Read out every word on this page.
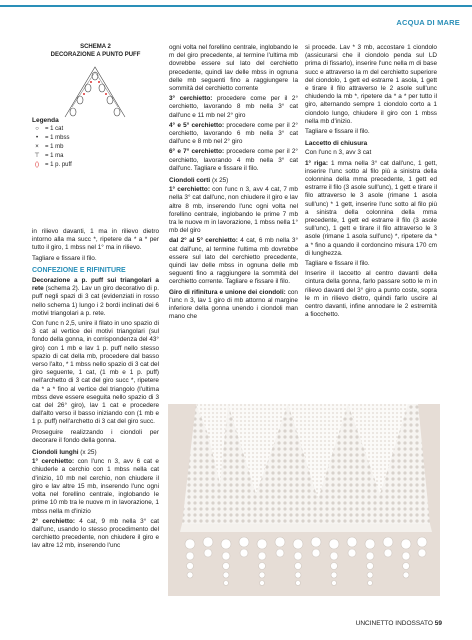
ACQUA DI MARE
SCHEMA 2
DECORAZIONE A PUNTO PUFF
Legenda
○	= 1 cat
•	= 1 mbss
×	= 1 mb
⊤ = 1 ma
()	= 1 p. puff

in rilievo davanti, 1 ma in rilievo dietro intorno alla ma succ *, ripetere da * a * per tutto il giro, 1 mbss nel 1° ma in rilievo.

Tagliare e fissare il filo.

CONFEZIONE E RIFINITURE

Decorazione a p. puff sui triangolari a rete (schema 2). Lav un giro decorativo di p. puff negli spazi di 3 cat (evidenziati in rosso nello schema 1) lungo i 2 bordi inclinati dei 6 motivi triangolari a p. rete.

Con l'unc n 2,5, unire il filato in uno spazio di 3 cat al vertice dei motivi triangolari (sul fondo della gonna, in corrispondenza del 43° giro) con 1 mb e lav 1 p. puff nello stesso spazio di cat della mb, procedere dal basso verso l'alto, * 1 mbss nello spazio di 3 cat del giro seguente, 1 cat, (1 mb e 1 p. puff) nell'archetto di 3 cat del giro succ *, ripetere da * a * fino al vertice del triangolo (l'ultima mbss deve essere eseguita nello spazio di 3 cat del 26° giro), lav 1 cat e procedere dall'alto verso il basso iniziando con (1 mb e 1 p. puff) nell'archetto di 3 cat del giro succ.

Proseguire realizzando i ciondoli per decorare il fondo della gonna.

Ciondoli lunghi (x 25)

1° cerchietto: con l'unc n 3, avv 6 cat e chiuderle a cerchio con 1 mbss nella cat d'inizio, 10 mb nel cerchio, non chiudere il giro e lav altre 15 mb, inserendo l'unc ogni volta nel forellino centrale, inglobando le prime 10 mb tra le nuove m in lavorazione, 1 mbss nella m d'inizio

2° cerchietto: 4 cat, 9 mb nella 3° cat dall'unc, usando lo stesso procedimento del cerchietto precedente, non chiudere il giro e lav altre 12 mb, inserendo l'unc

ogni volta nel forellino centrale, inglobando le m del giro precedente, al termine l'ultima mb dovrebbe essere sul lato del cerchietto precedente, quindi lav delle mbss in ognuna delle mb seguenti fino a raggiungere la sommità del cerchietto corrente

3° cerchietto: procedere come per il 2° cerchietto, lavorando 8 mb nella 3° cat dall'unc e 11 mb nel 2° giro

4° e 5° cerchietto: procedere come per il 2° cerchietto, lavorando 6 mb nella 3° cat dall'unc e 8 mb nel 2° giro

6° e 7° cerchietto: procedere come per il 2° cerchietto, lavorando 4 mb nella 3° cat dall'unc. Tagliare e fissare il filo.

Ciondoli corti (x 25)

1° cerchietto: con l'unc n 3, avv 4 cat, 7 mb nella 3° cat dall'unc, non chiudere il giro e lav altre 8 mb, inserendo l'unc ogni volta nel forellino centrale, inglobando le prime 7 mb tra le nuove m in lavorazione, 1 mbss nella 1° mb del giro

dal 2° al 5° cerchietto: 4 cat, 6 mb nella 3° cat dall'unc, al termine l'ultima mb dovrebbe essere sul lato del cerchietto precedente, quindi lav delle mbss in ognuna delle mb seguenti fino a raggiungere la sommità del cerchietto corrente. Tagliare e fissare il filo.

Giro di rifinitura e unione dei ciondoli: con l'unc n 3, lav 1 giro di mb attorno al margine inferiore della gonna unendo i ciondoli man mano che

si procede. Lav * 3 mb, accostare 1 ciondolo (assicurarsi che il ciondolo penda sul LD prima di fissarlo), inserire l'unc nella m di base succ e attraverso la m del cerchietto superiore del ciondolo, 1 gett ed estrarre 1 asola, 1 gett e tirare il filo attraverso le 2 asole sull'unc chiudendo la mb *, ripetere da * a * per tutto il giro, alternando sempre 1 ciondolo corto a 1 ciondolo lungo, chiudere il giro con 1 mbss nella mb d'inizio.

Tagliare e fissare il filo.

Laccetto di chiusura

Con l'unc n 3, avv 3 cat

1° riga: 1 mma nella 3° cat dall'unc, 1 gett, inserire l'unc sotto al filo più a sinistra della colonnina della mma precedente, 1 gett ed estrarre il filo (3 asole sull'unc), 1 gett e tirare il filo attraverso le 3 asole (rimane 1 asola sull'unc) * 1 gett, inserire l'unc sotto al filo più a sinistra della colonnina della mma precedente, 1 gett ed estrarre il filo (3 asole sull'unc), 1 gett e tirare il filo attraverso le 3 asole (rimane 1 asola sull'unc) *, ripetere da * a * fino a quando il cordoncino misura 170 cm di lunghezza.

Tagliare e fissare il filo.

Inserire il laccetto al centro davanti della cintura della gonna, farlo passare sotto le m in rilievo davanti del 3° giro a punto coste, sopra le m in rilievo dietro, quindi farlo uscire al centro davanti, infine annodare le 2 estremità a fiocchetto.

UNCINETTO INDOSSATO 59
